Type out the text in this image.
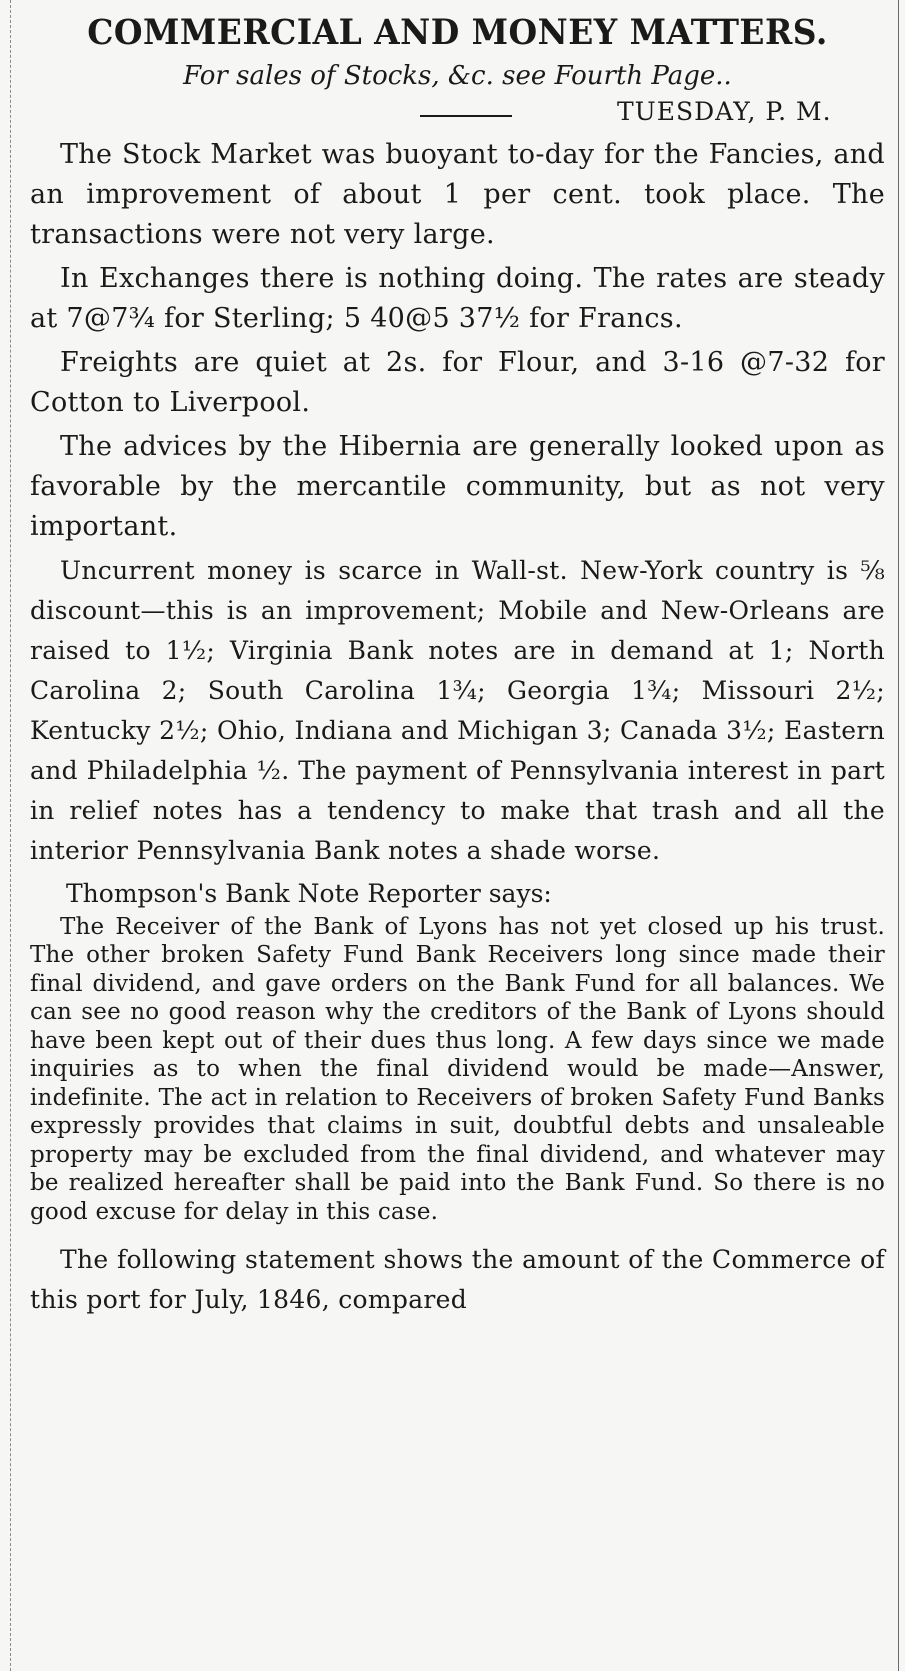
COMMERCIAL AND MONEY MATTERS.

For sales of Stocks, &c. see Fourth Page..

TUESDAY, P. M.

The Stock Market was buoyant to-day for the Fancies, and an improvement of about 1 per cent. took place. The transactions were not very large.

In Exchanges there is nothing doing. The rates are steady at 7@7¾ for Sterling; 5 40@5 37½ for Francs.

Freights are quiet at 2s. for Flour, and 3-16 @7-32 for Cotton to Liverpool.

The advices by the Hibernia are generally looked upon as favorable by the mercantile community, but as not very important.

Uncurrent money is scarce in Wall-st. New-York country is ⅝ discount—this is an improvement; Mobile and New-Orleans are raised to 1½; Virginia Bank notes are in demand at 1; North Carolina 2; South Carolina 1¾; Georgia 1¾; Missouri 2½; Kentucky 2½; Ohio, Indiana and Michigan 3; Canada 3½; Eastern and Philadelphia ½. The payment of Pennsylvania interest in part in relief notes has a tendency to make that trash and all the interior Pennsylvania Bank notes a shade worse.

Thompson's Bank Note Reporter says:

The Receiver of the Bank of Lyons has not yet closed up his trust. The other broken Safety Fund Bank Receivers long since made their final dividend, and gave orders on the Bank Fund for all balances. We can see no good reason why the creditors of the Bank of Lyons should have been kept out of their dues thus long. A few days since we made inquiries as to when the final dividend would be made—Answer, indefinite. The act in relation to Receivers of broken Safety Fund Banks expressly provides that claims in suit, doubtful debts and unsaleable property may be excluded from the final dividend, and whatever may be realized hereafter shall be paid into the Bank Fund. So there is no good excuse for delay in this case.

The following statement shows the amount of the Commerce of this port for July, 1846, compared
